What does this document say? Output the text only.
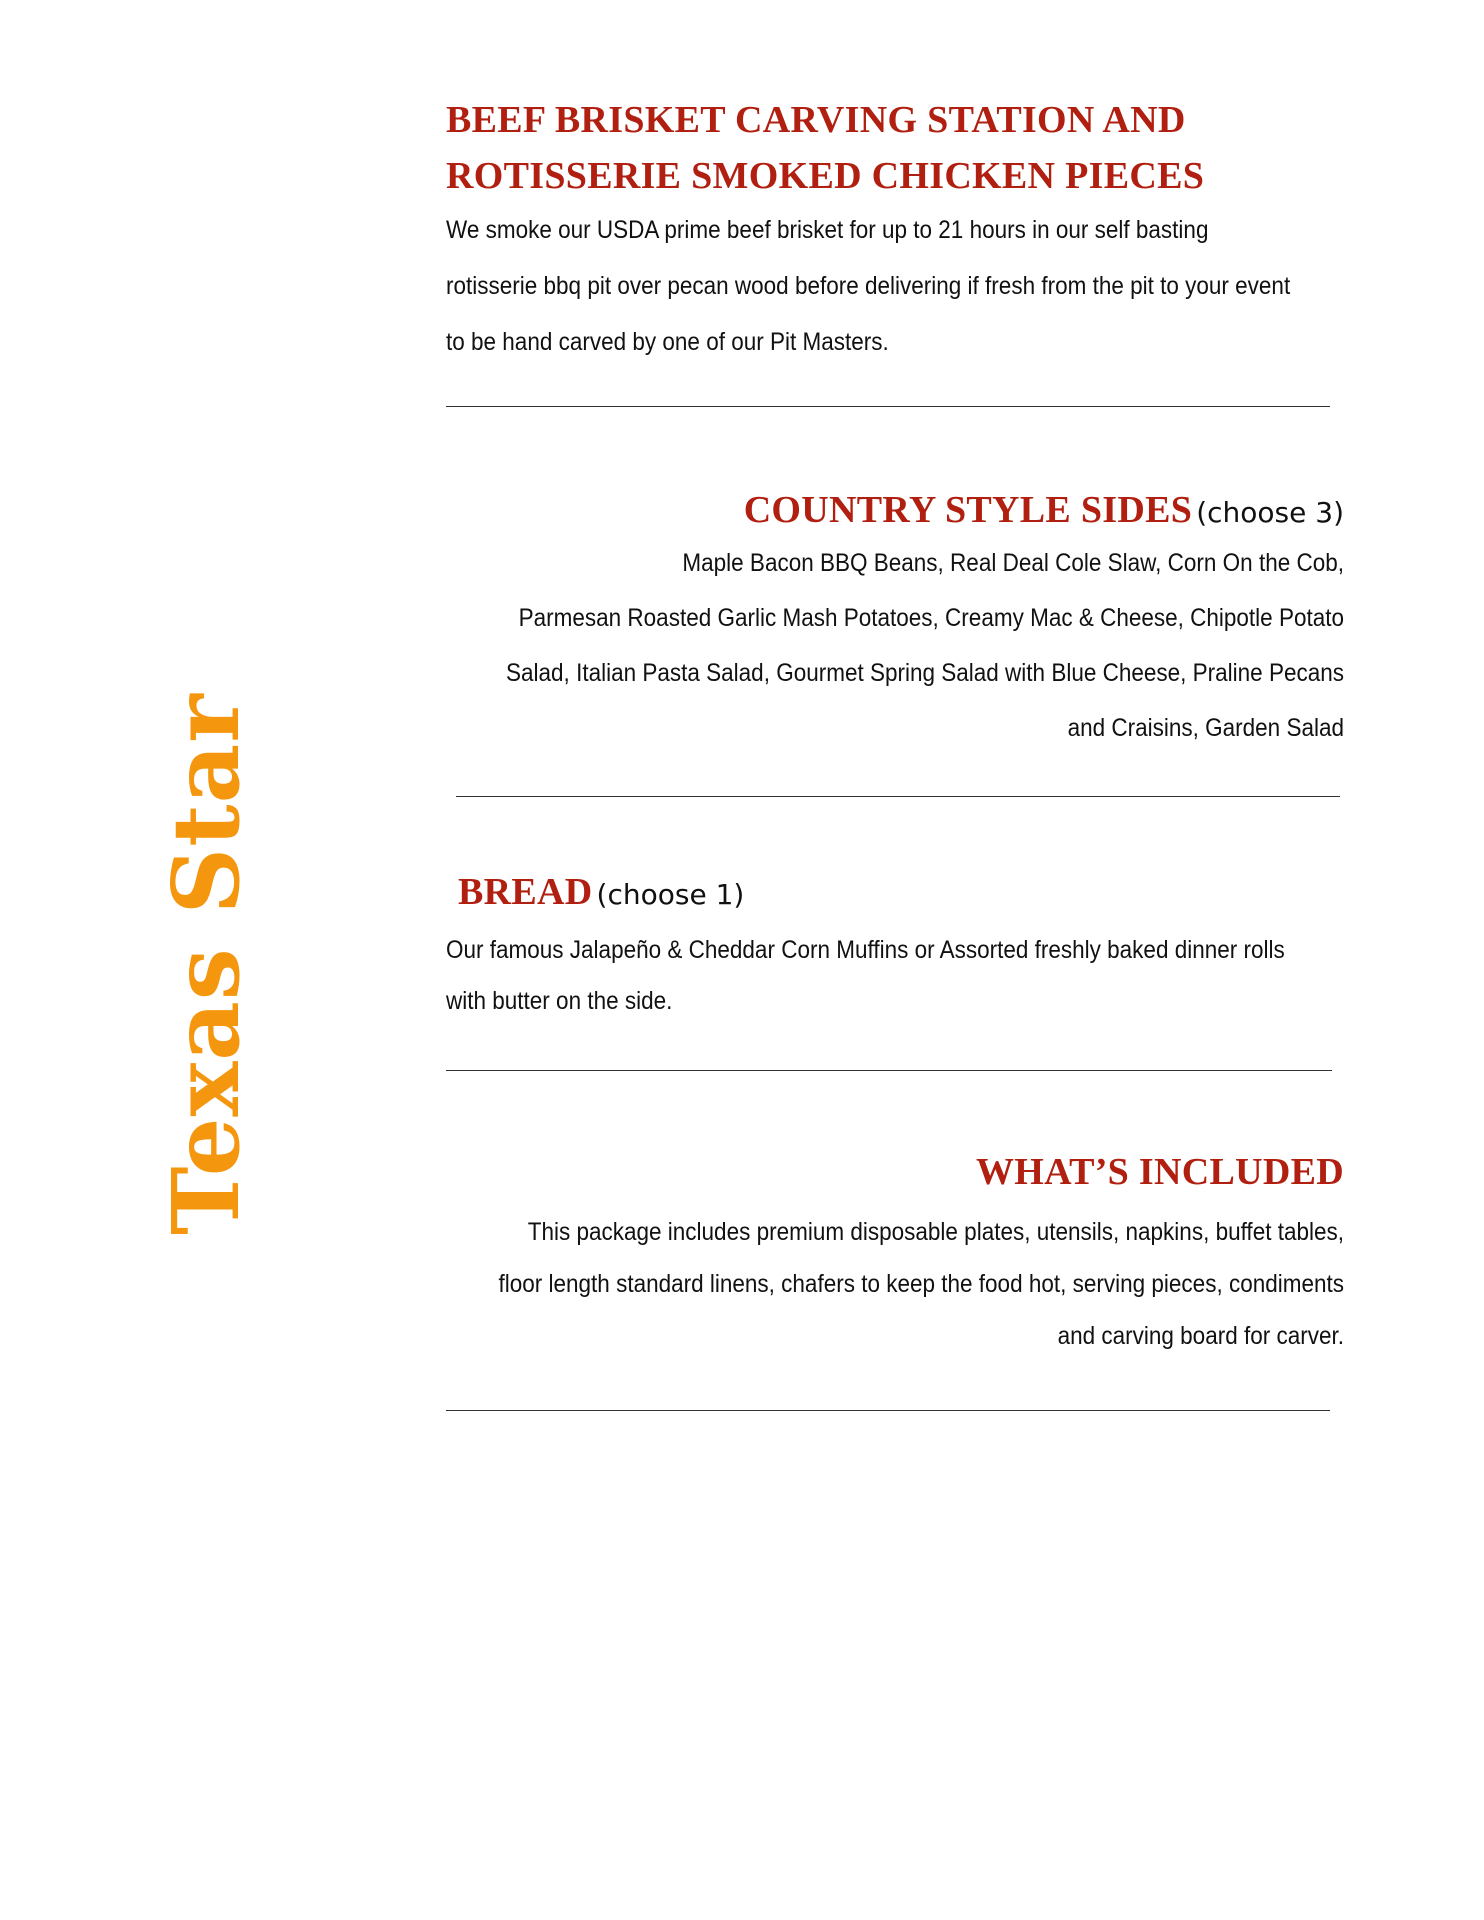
Texas Star

BEEF BRISKET CARVING STATION AND

ROTISSERIE SMOKED CHICKEN PIECES

We smoke our USDA prime beef brisket for up to 21 hours in our self basting
rotisserie bbq pit over pecan wood before delivering if fresh from the pit to your event
to be hand carved by one of our Pit Masters.
COUNTRY STYLE SIDES (choose 3)
Maple Bacon BBQ Beans, Real Deal Cole Slaw, Corn On the Cob,
Parmesan Roasted Garlic Mash Potatoes, Creamy Mac & Cheese, Chipotle Potato
Salad, Italian Pasta Salad, Gourmet Spring Salad with Blue Cheese, Praline Pecans
and Craisins, Garden Salad
BREAD (choose 1)
Our famous Jalapeño & Cheddar Corn Muffins or Assorted freshly baked dinner rolls
with butter on the side.
WHAT’S INCLUDED
This package includes premium disposable plates, utensils, napkins, buffet tables,
floor length standard linens, chafers to keep the food hot, serving pieces, condiments
and carving board for carver.
